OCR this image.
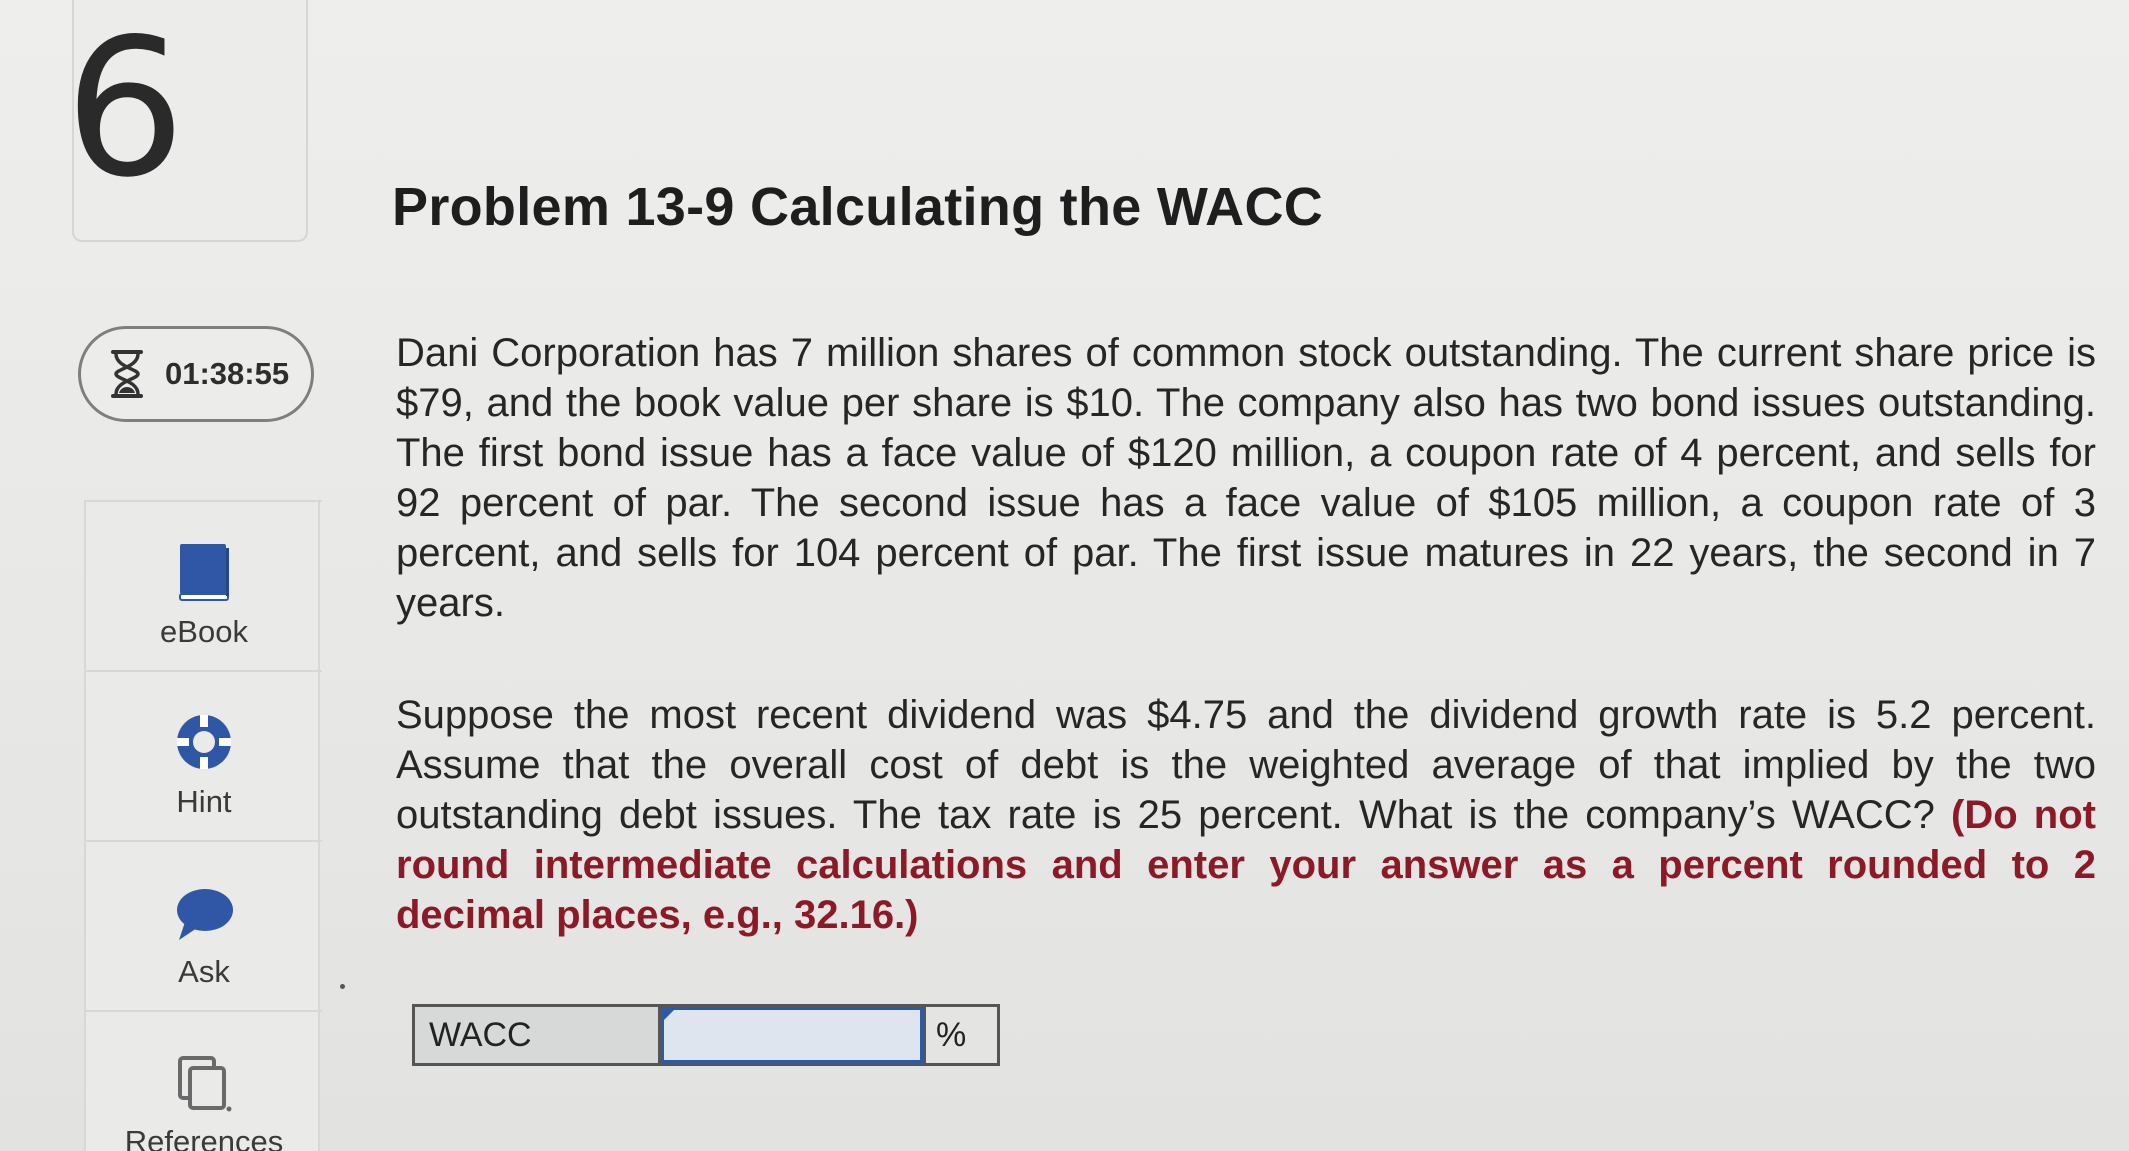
6
01:38:55
eBook
Hint
Ask
References
Problem 13-9 Calculating the WACC

Dani Corporation has 7 million shares of common stock outstanding. The current share price is $79, and the book value per share is $10. The company also has two bond issues outstanding. The first bond issue has a face value of $120 million, a coupon rate of 4 percent, and sells for 92 percent of par. The second issue has a face value of $105 million, a coupon rate of 3 percent, and sells for 104 percent of par. The first issue matures in 22 years, the second in 7 years.

Suppose the most recent dividend was $4.75 and the dividend growth rate is 5.2 percent. Assume that the overall cost of debt is the weighted average of that implied by the two outstanding debt issues. The tax rate is 25 percent. What is the company’s WACC? (Do not round intermediate calculations and enter your answer as a percent rounded to 2 decimal places, e.g., 32.16.)

WACC	%
